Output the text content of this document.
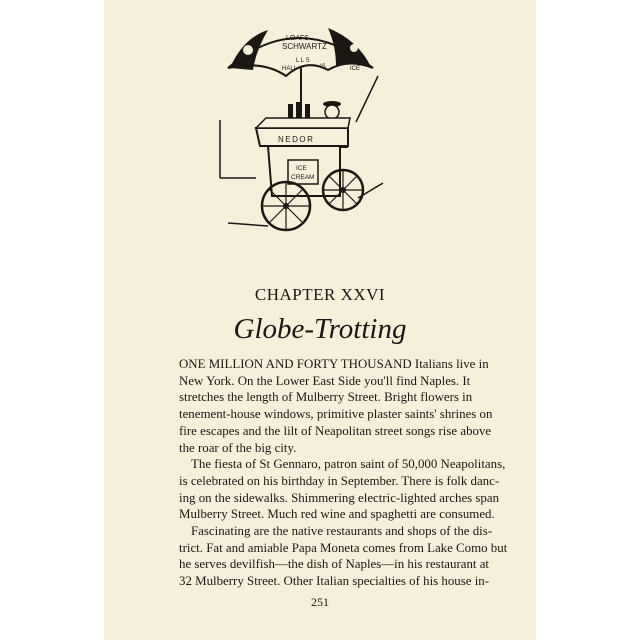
LOAFS
SCHWARTZ
L L S
HALL	IS	ICE
NEDOR
ICE
CREAM
CHAPTER XXVI
Globe-Trotting
ONE MILLION AND FORTY THOUSAND Italians live in
New York. On the Lower East Side you'll find Naples. It
stretches the length of Mulberry Street. Bright flowers in
tenement-house windows, primitive plaster saints' shrines on
fire escapes and the lilt of Neapolitan street songs rise above
the roar of the big city.
The fiesta of St Gennaro, patron saint of 50,000 Neapolitans,
is celebrated on his birthday in September. There is folk danc-
ing on the sidewalks. Shimmering electric-lighted arches span
Mulberry Street. Much red wine and spaghetti are consumed.
Fascinating are the native restaurants and shops of the dis-
trict. Fat and amiable Papa Moneta comes from Lake Como but
he serves devilfish—the dish of Naples—in his restaurant at
32 Mulberry Street. Other Italian specialties of his house in-
251
